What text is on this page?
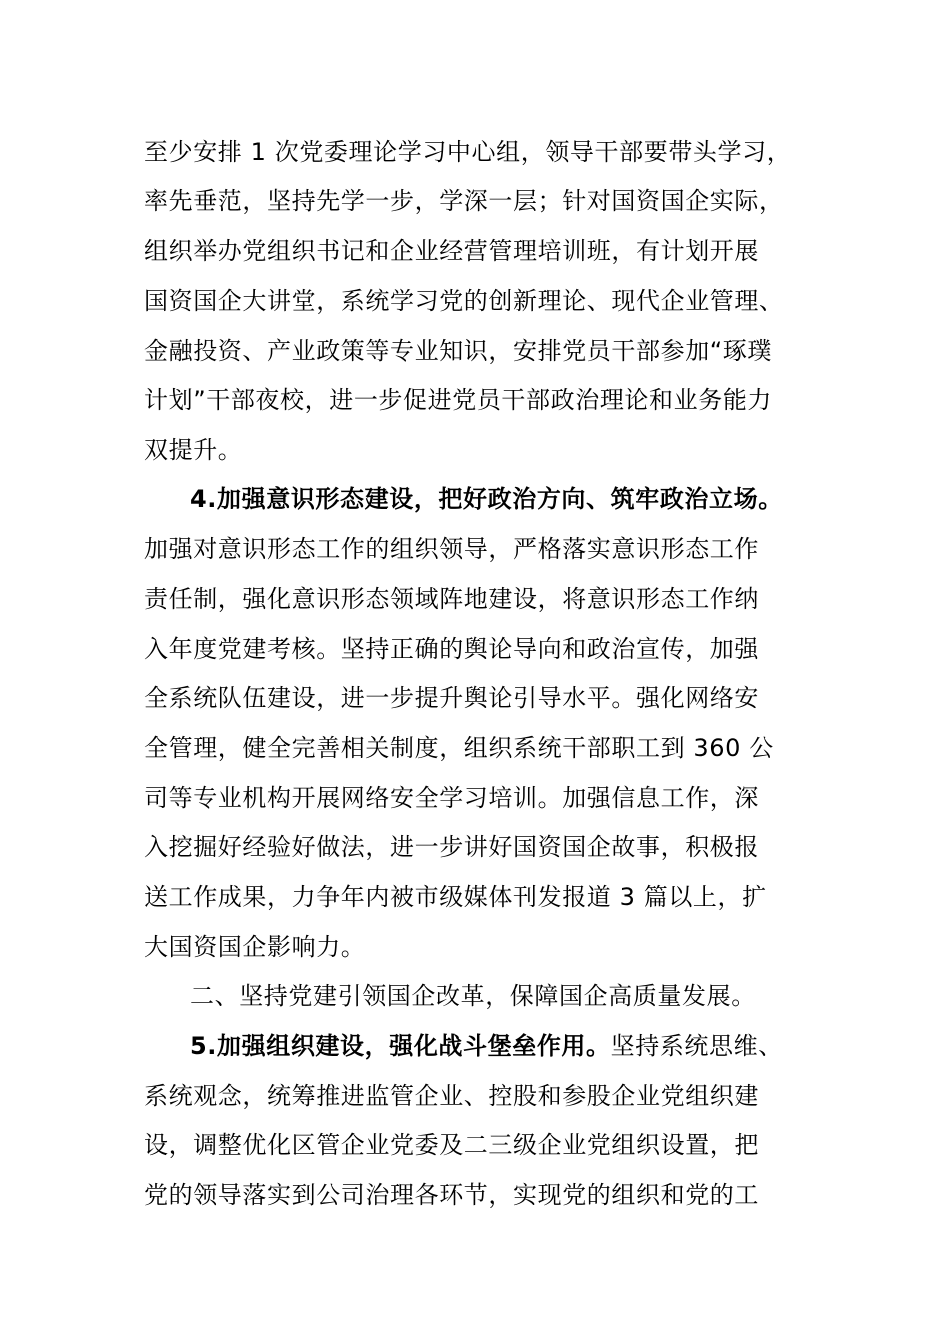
至少安排 1 次党委理论学习中心组，领导干部要带头学习，
率先垂范，坚持先学一步，学深一层；针对国资国企实际，
组织举办党组织书记和企业经营管理培训班，有计划开展
国资国企大讲堂，系统学习党的创新理论、现代企业管理、
金融投资、产业政策等专业知识，安排党员干部参加“琢璞
计划”干部夜校，进一步促进党员干部政治理论和业务能力
双提升。
4.加强意识形态建设，把好政治方向、筑牢政治立场。
加强对意识形态工作的组织领导，严格落实意识形态工作
责任制，强化意识形态领域阵地建设，将意识形态工作纳
入年度党建考核。坚持正确的舆论导向和政治宣传，加强
全系统队伍建设，进一步提升舆论引导水平。强化网络安
全管理，健全完善相关制度，组织系统干部职工到 360 公
司等专业机构开展网络安全学习培训。加强信息工作，深
入挖掘好经验好做法，进一步讲好国资国企故事，积极报
送工作成果，力争年内被市级媒体刊发报道 3 篇以上，扩
大国资国企影响力。
二、坚持党建引领国企改革，保障国企高质量发展。
5.加强组织建设，强化战斗堡垒作用。坚持系统思维、
系统观念，统筹推进监管企业、控股和参股企业党组织建
设，调整优化区管企业党委及二三级企业党组织设置，把
党的领导落实到公司治理各环节，实现党的组织和党的工
